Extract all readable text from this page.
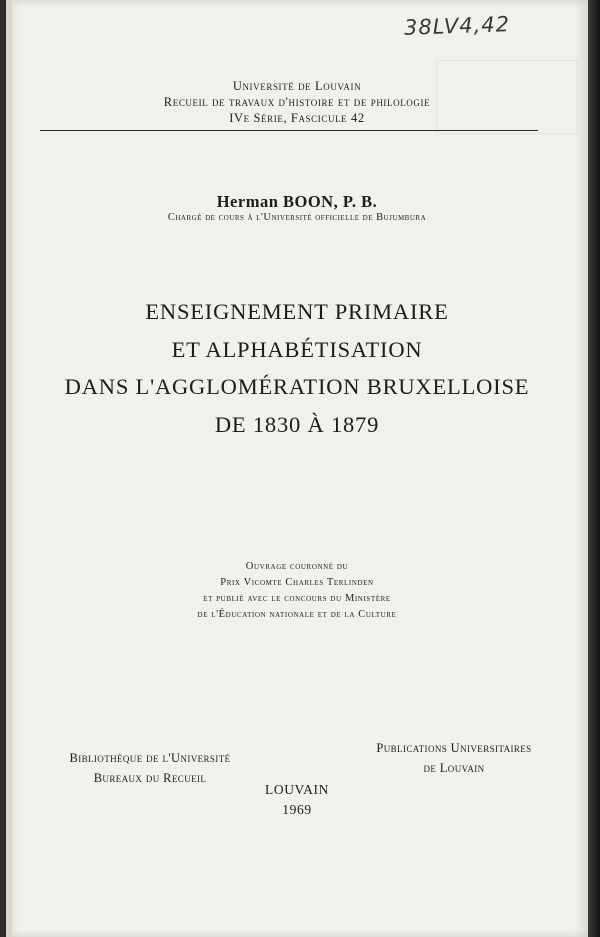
38LV4,42
Université de Louvain
Recueil de travaux d'histoire et de philologie
IVe Série, Fascicule 42
Herman BOON, P. B.
Chargé de cours à l'Université officielle de Bujumbura
ENSEIGNEMENT PRIMAIRE
ET ALPHABÉTISATION
DANS L'AGGLOMÉRATION BRUXELLOISE
DE 1830 À 1879
Ouvrage couronné du
Prix Vicomte Charles Terlinden
et publié avec le concours du Ministère
de l'Éducation nationale et de la Culture
Bibliothèque de l'Université
Bureaux du Recueil
Publications Universitaires
de Louvain
LOUVAIN
1969
